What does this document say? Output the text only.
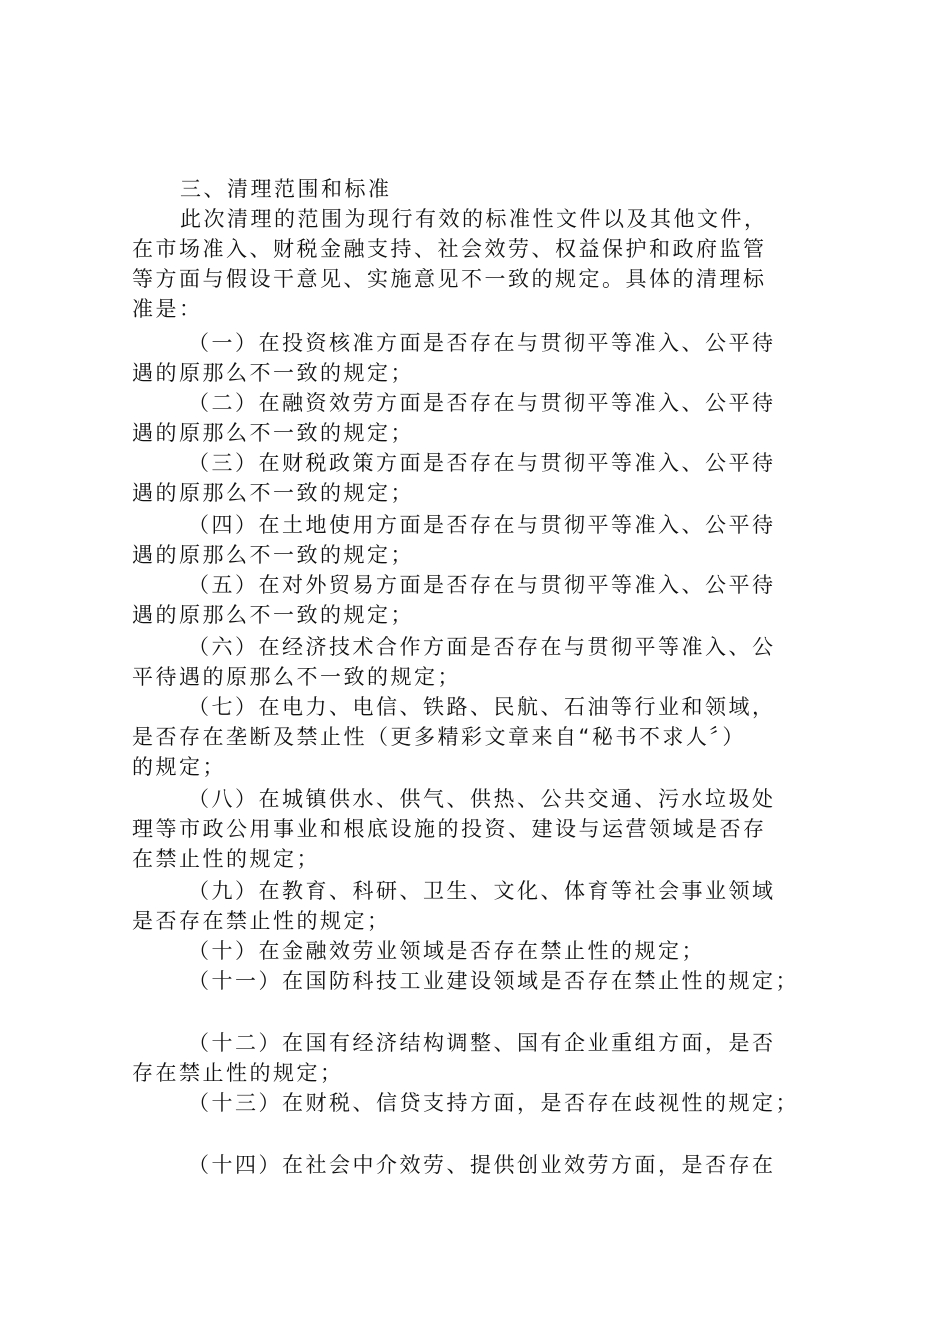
三、清理范围和标准
此次清理的范围为现行有效的标准性文件以及其他文件，
在市场准入、财税金融支持、社会效劳、权益保护和政府监管
等方面与假设干意见、实施意见不一致的规定。具体的清理标
准是：
（一）在投资核准方面是否存在与贯彻平等准入、公平待
遇的原那么不一致的规定；
（二）在融资效劳方面是否存在与贯彻平等准入、公平待
遇的原那么不一致的规定；
（三）在财税政策方面是否存在与贯彻平等准入、公平待
遇的原那么不一致的规定；
（四）在土地使用方面是否存在与贯彻平等准入、公平待
遇的原那么不一致的规定；
（五）在对外贸易方面是否存在与贯彻平等准入、公平待
遇的原那么不一致的规定；
（六）在经济技术合作方面是否存在与贯彻平等准入、公
平待遇的原那么不一致的规定；
（七）在电力、电信、铁路、民航、石油等行业和领域，
是否存在垄断及禁止性（更多精彩文章来自“秘书不求人〞）
的规定；
（八）在城镇供水、供气、供热、公共交通、污水垃圾处
理等市政公用事业和根底设施的投资、建设与运营领域是否存
在禁止性的规定；
（九）在教育、科研、卫生、文化、体育等社会事业领域
是否存在禁止性的规定；
（十）在金融效劳业领域是否存在禁止性的规定；
（十一）在国防科技工业建设领域是否存在禁止性的规定；
（十二）在国有经济结构调整、国有企业重组方面，是否
存在禁止性的规定；
（十三）在财税、信贷支持方面，是否存在歧视性的规定；
（十四）在社会中介效劳、提供创业效劳方面，是否存在
